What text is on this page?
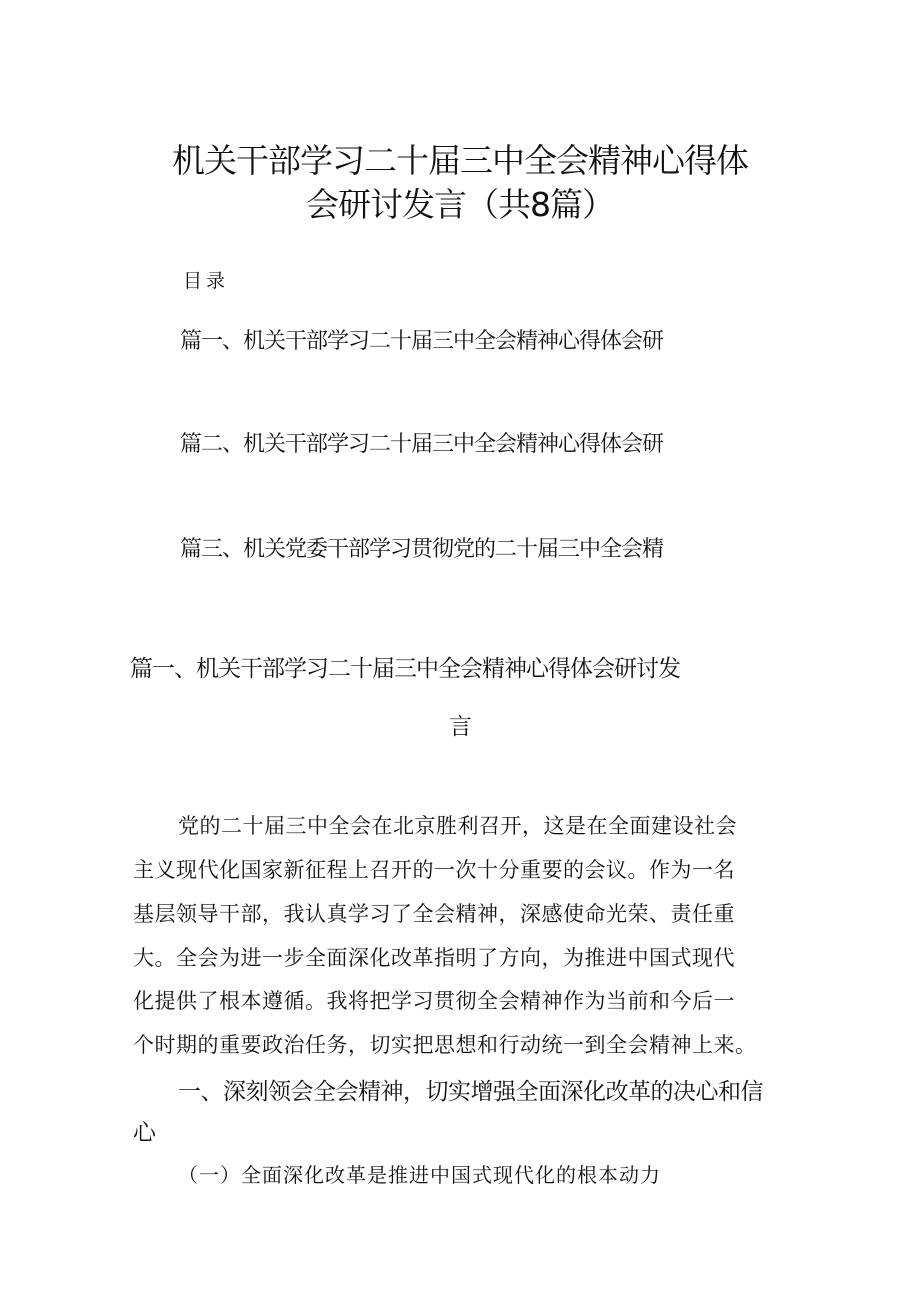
机关干部学习二十届三中全会精神心得体
会研讨发言（共8篇）
目录
篇一、机关干部学习二十届三中全会精神心得体会研
篇二、机关干部学习二十届三中全会精神心得体会研
篇三、机关党委干部学习贯彻党的二十届三中全会精
篇一、机关干部学习二十届三中全会精神心得体会研讨发
言
党的二十届三中全会在北京胜利召开，这是在全面建设社会
主义现代化国家新征程上召开的一次十分重要的会议。作为一名
基层领导干部，我认真学习了全会精神，深感使命光荣、责任重
大。全会为进一步全面深化改革指明了方向，为推进中国式现代
化提供了根本遵循。我将把学习贯彻全会精神作为当前和今后一
个时期的重要政治任务，切实把思想和行动统一到全会精神上来。
一、深刻领会全会精神，切实增强全面深化改革的决心和信
心
（一）全面深化改革是推进中国式现代化的根本动力
